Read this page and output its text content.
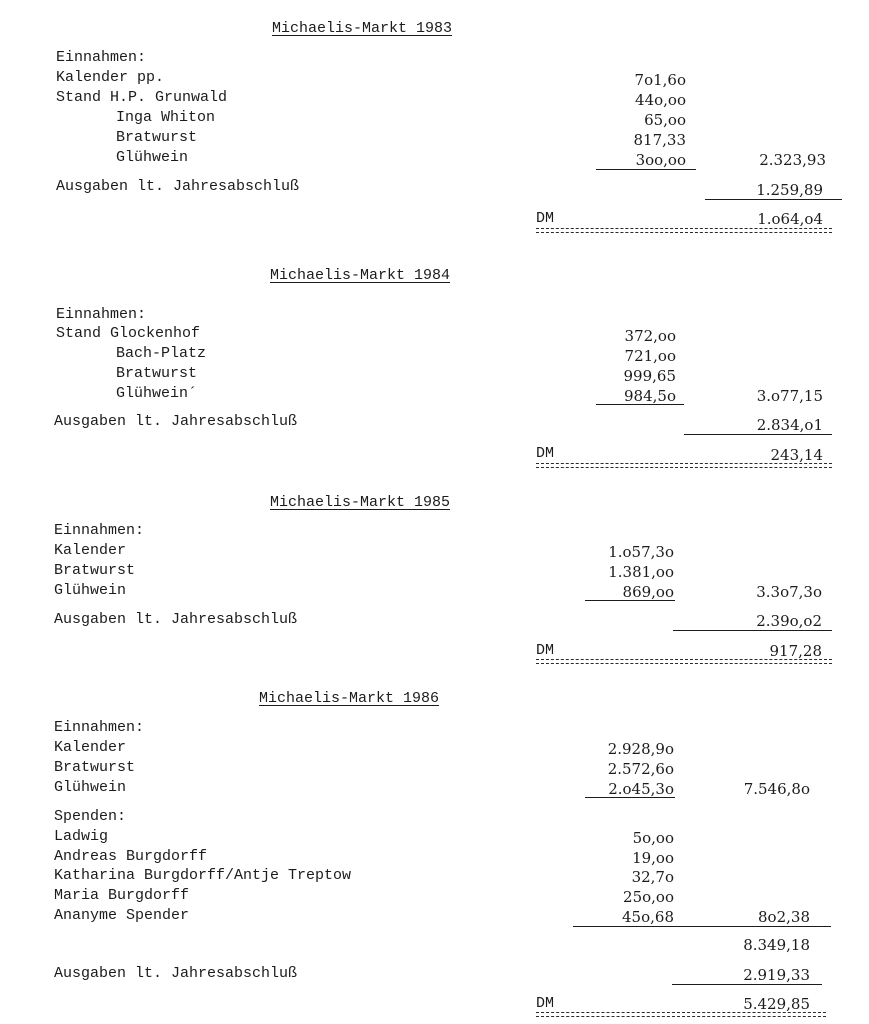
Michaelis-Markt 1983
Einnahmen:
Kalender pp.	7o1,6o
Stand H.P. Grunwald	44o,oo
Inga Whiton	65,oo
Bratwurst	817,33
Glühwein	3oo,oo	2.323,93
Ausgaben lt. Jahresabschluß	1.259,89
DM	1.o64,o4
Michaelis-Markt 1984
Einnahmen:
Stand Glockenhof	372,oo
Bach-Platz	721,oo
Bratwurst	999,65
Glühwein´	984,5o	3.o77,15
Ausgaben lt. Jahresabschluß	2.834,o1
DM	243,14
Michaelis-Markt 1985
Einnahmen:
Kalender	1.o57,3o
Bratwurst	1.381,oo
Glühwein	869,oo	3.3o7,3o
Ausgaben lt. Jahresabschluß	2.39o,o2
DM	917,28
Michaelis-Markt 1986
Einnahmen:
Kalender	2.928,9o
Bratwurst	2.572,6o
Glühwein	2.o45,3o	7.546,8o
Spenden:
Ladwig	5o,oo
Andreas Burgdorff	19,oo
Katharina Burgdorff/Antje Treptow	32,7o
Maria Burgdorff	25o,oo
Ananyme Spender	45o,68	8o2,38
8.349,18
Ausgaben lt. Jahresabschluß	2.919,33
DM	5.429,85
